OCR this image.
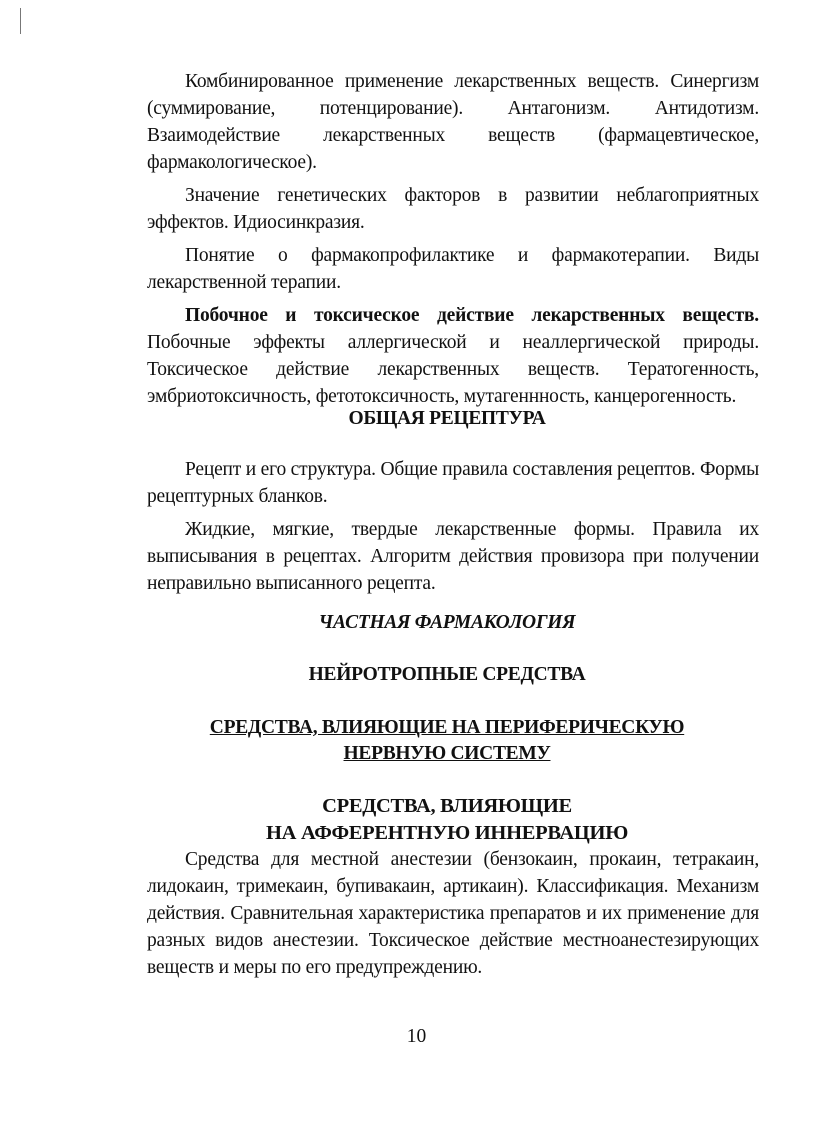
Комбинированное применение лекарственных веществ. Синергизм (суммирование, потенцирование). Антагонизм. Антидотизм. Взаимодействие лекарственных веществ (фармацевтическое, фармакологическое).

Значение генетических факторов в развитии неблагоприятных эффектов. Идиосинкразия.

Понятие о фармакопрофилактике и фармакотерапии. Виды лекарственной терапии.

Побочное и токсическое действие лекарственных веществ. Побочные эффекты аллергической и неаллергической природы. Токсическое действие лекарственных веществ. Тератогенность, эмбриотоксичность, фетотоксичность, мутагеннность, канцерогенность.

ОБЩАЯ РЕЦЕПТУРА

Рецепт и его структура. Общие правила составления рецептов. Формы рецептурных бланков.

Жидкие, мягкие, твердые лекарственные формы. Правила их выписывания в рецептах. Алгоритм действия провизора при получении неправильно выписанного рецепта.

ЧАСТНАЯ ФАРМАКОЛОГИЯ
НЕЙРОТРОПНЫЕ СРЕДСТВА
СРЕДСТВА, ВЛИЯЮЩИЕ НА ПЕРИФЕРИЧЕСКУЮ
НЕРВНУЮ СИСТЕМУ
СРЕДСТВА, ВЛИЯЮЩИЕ
НА АФФЕРЕНТНУЮ ИННЕРВАЦИЮ

Средства для местной анестезии (бензокаин, прокаин, тетракаин, лидокаин, тримекаин, бупивакаин, артикаин). Классификация. Механизм действия. Сравнительная характеристика препаратов и их применение для разных видов анестезии. Токсическое действие местноанестезирующих веществ и меры по его предупреждению.

10
